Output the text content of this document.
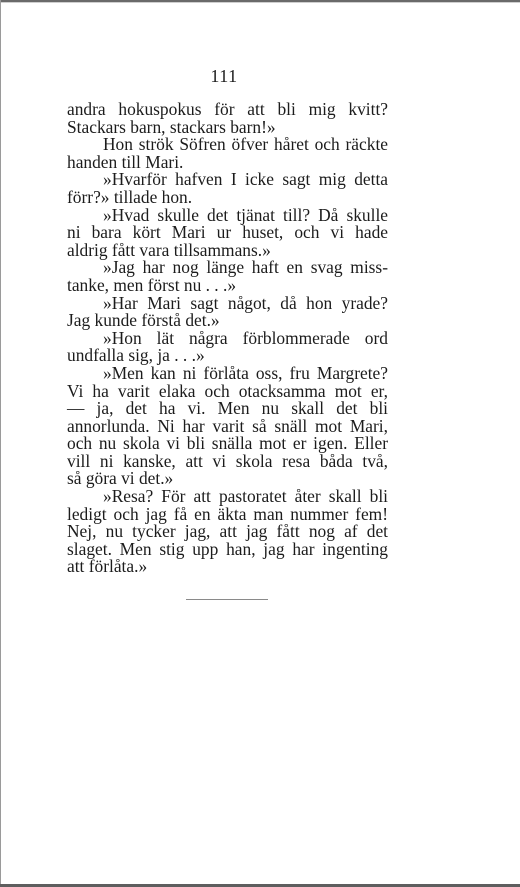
111
andra hokuspokus för att bli mig kvitt?
Stackars barn, stackars barn!»
Hon strök Söfren öfver håret och räckte
handen till Mari.
»Hvarför hafven I icke sagt mig detta
förr?» tillade hon.
»Hvad skulle det tjänat till? Då skulle
ni bara kört Mari ur huset, och vi hade
aldrig fått vara tillsammans.»
»Jag har nog länge haft en svag miss-
tanke, men först nu . . .»
»Har Mari sagt något, då hon yrade?
Jag kunde förstå det.»
»Hon lät några förblommerade ord
undfalla sig, ja . . .»
»Men kan ni förlåta oss, fru Margrete?
Vi ha varit elaka och otacksamma mot er,
— ja, det ha vi. Men nu skall det bli
annorlunda. Ni har varit så snäll mot Mari,
och nu skola vi bli snälla mot er igen. Eller
vill ni kanske, att vi skola resa båda två,
så göra vi det.»
»Resa? För att pastoratet åter skall bli
ledigt och jag få en äkta man nummer fem!
Nej, nu tycker jag, att jag fått nog af det
slaget. Men stig upp han, jag har ingenting
att förlåta.»
